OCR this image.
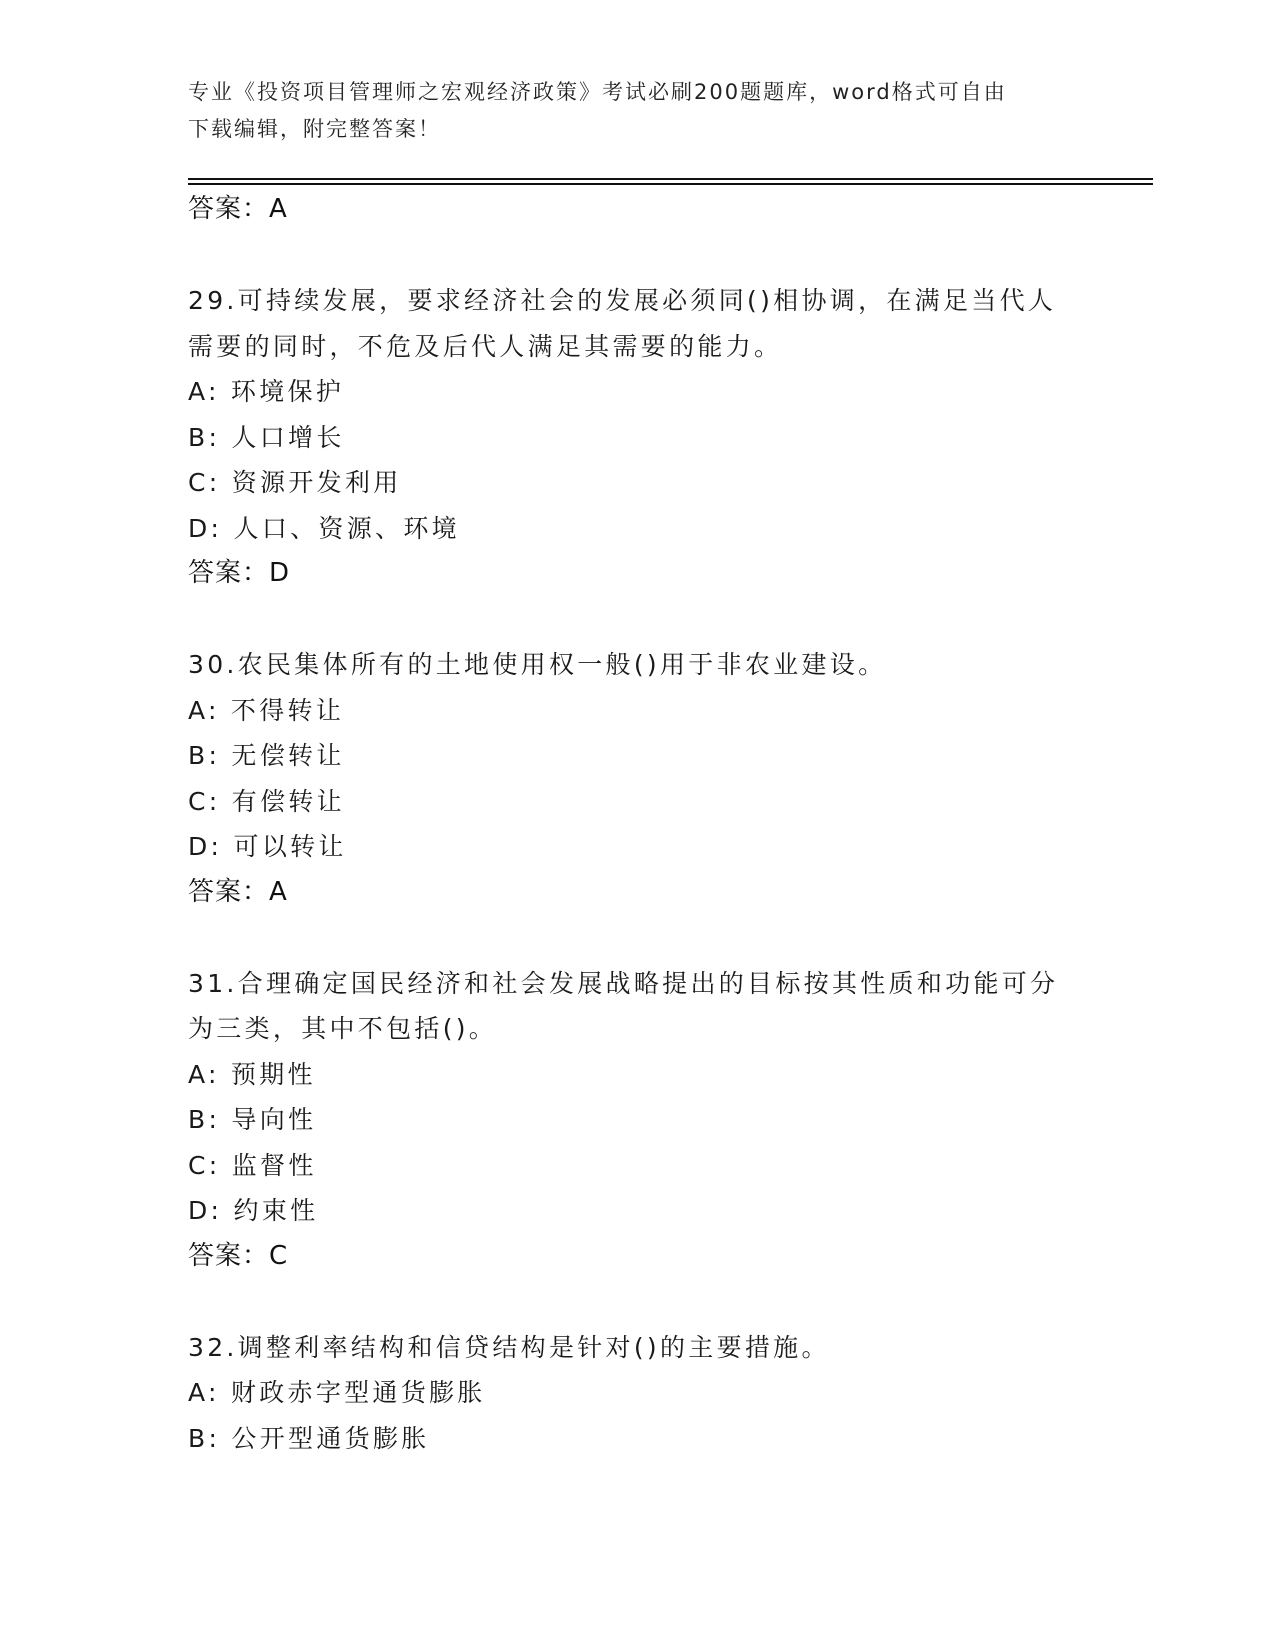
专业《投资项目管理师之宏观经济政策》考试必刷200题题库，word格式可自由
下载编辑，附完整答案！
答案：A
29.可持续发展，要求经济社会的发展必须同()相协调，在满足当代人
需要的同时，不危及后代人满足其需要的能力。
A: 环境保护
B: 人口增长
C: 资源开发利用
D: 人口、资源、环境
答案：D
30.农民集体所有的土地使用权一般()用于非农业建设。
A: 不得转让
B: 无偿转让
C: 有偿转让
D: 可以转让
答案：A
31.合理确定国民经济和社会发展战略提出的目标按其性质和功能可分
为三类，其中不包括()。
A: 预期性
B: 导向性
C: 监督性
D: 约束性
答案：C
32.调整利率结构和信贷结构是针对()的主要措施。
A: 财政赤字型通货膨胀
B: 公开型通货膨胀
